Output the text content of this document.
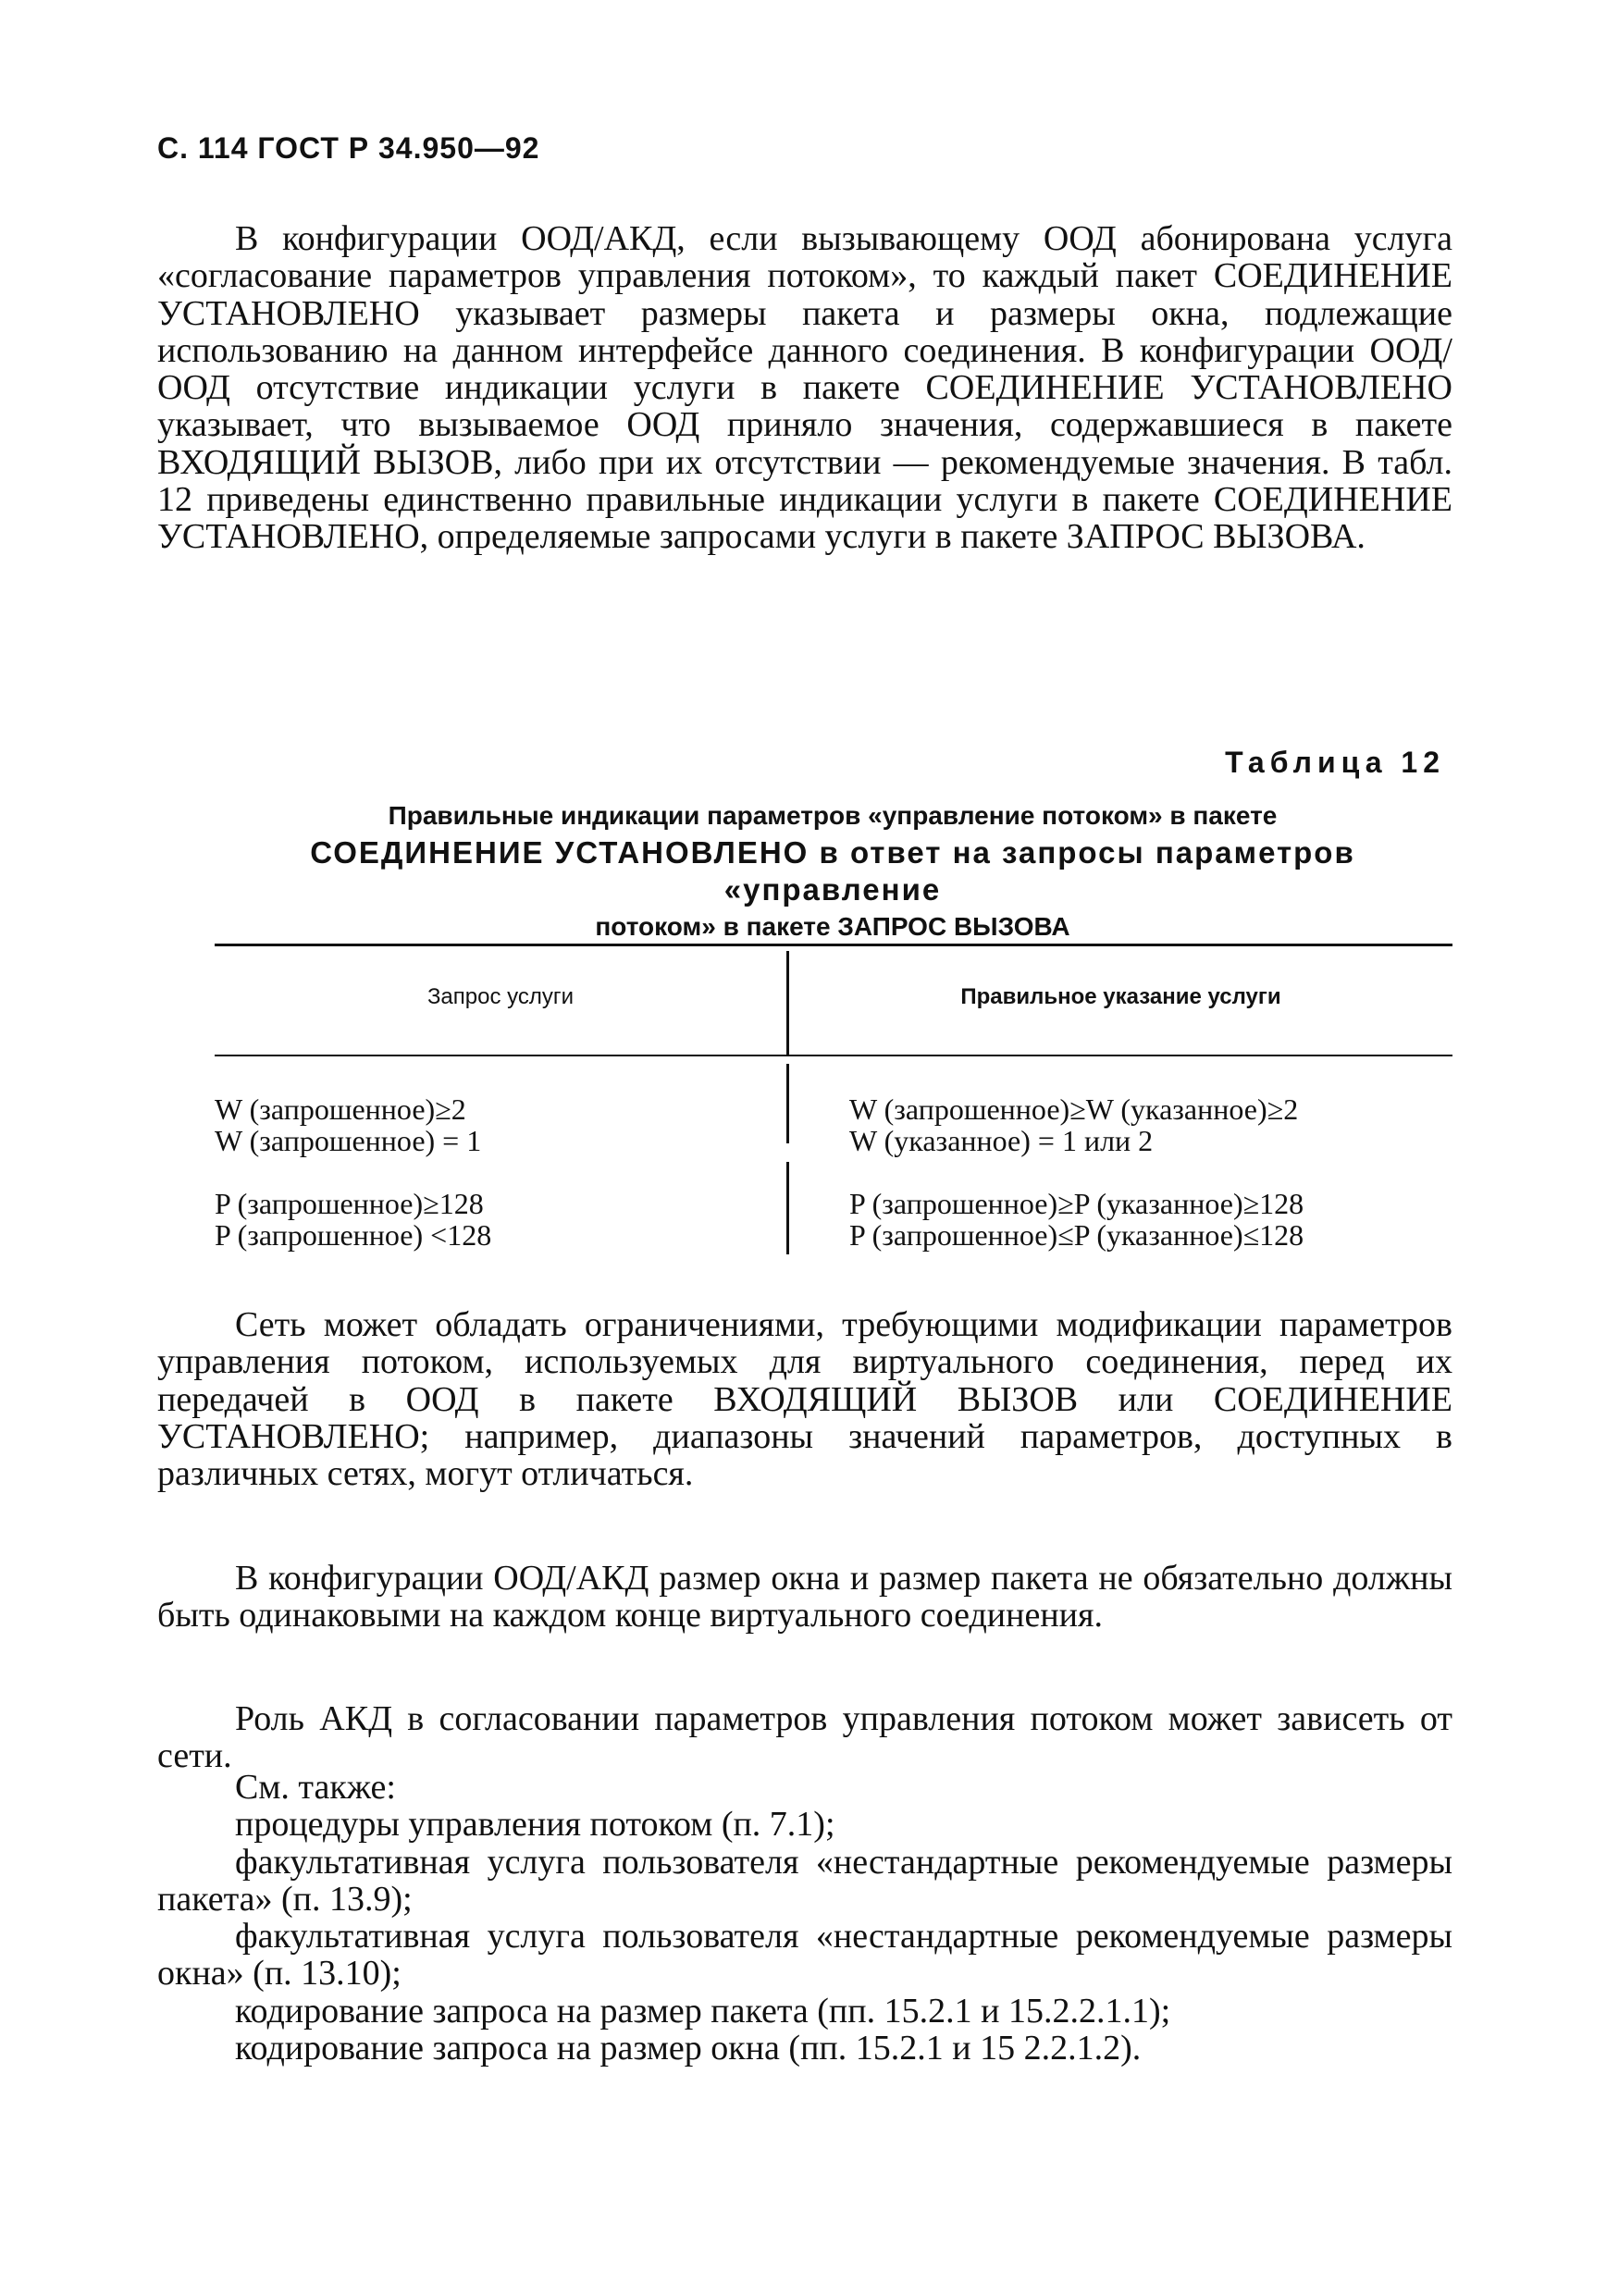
С. 114 ГОСТ Р 34.950—92
В конфигурации ООД/АКД, если вызывающему ООД абонирована услуга «согласование параметров управления потоком», то каждый пакет СОЕДИНЕНИЕ УСТАНОВЛЕНО указывает размеры пакета и размеры окна, подлежащие использованию на данном интерфейсе данного соединения. В конфигурации ООД/ООД отсутствие индикации услуги в пакете СОЕДИНЕНИЕ УСТАНОВЛЕНО указывает, что вызываемое ООД приняло значения, содержавшиеся в пакете ВХОДЯЩИЙ ВЫЗОВ, либо при их отсутствии — рекомендуемые значения. В табл. 12 приведены единственно правильные индикации услуги в пакете СОЕДИНЕНИЕ УСТАНОВЛЕНО, определяемые запросами услуги в пакете ЗАПРОС ВЫЗОВА.
Таблица 12
Правильные индикации параметров «управление потоком» в пакете
СОЕДИНЕНИЕ УСТАНОВЛЕНО в ответ на запросы параметров «управление
потоком» в пакете ЗАПРОС ВЫЗОВА
Запрос услуги	Правильное указание услуги
W (запрошенное)≥2
W (запрошенное) = 1
W (запрошенное)≥W (указанное)≥2
W (указанное) = 1 или 2
P (запрошенное)≥128
P (запрошенное) <128
P (запрошенное)≥P (указанное)≥128
P (запрошенное)≤P (указанное)≤128
Сеть может обладать ограничениями, требующими модификации параметров управления потоком, используемых для виртуального соединения, перед их передачей в ООД в пакете ВХОДЯЩИЙ ВЫЗОВ или СОЕДИНЕНИЕ УСТАНОВЛЕНО; например, диапазоны значений параметров, доступных в различных сетях, могут отличаться.
В конфигурации ООД/АКД размер окна и размер пакета не обязательно должны быть одинаковыми на каждом конце виртуального соединения.
Роль АКД в согласовании параметров управления потоком может зависеть от сети.
См. также:
процедуры управления потоком (п. 7.1);
факультативная услуга пользователя «нестандартные рекомендуемые размеры пакета» (п. 13.9);
факультативная услуга пользователя «нестандартные рекомендуемые размеры окна» (п. 13.10);
кодирование запроса на размер пакета (пп. 15.2.1 и 15.2.2.1.1);
кодирование запроса на размер окна (пп. 15.2.1 и 15 2.2.1.2).
